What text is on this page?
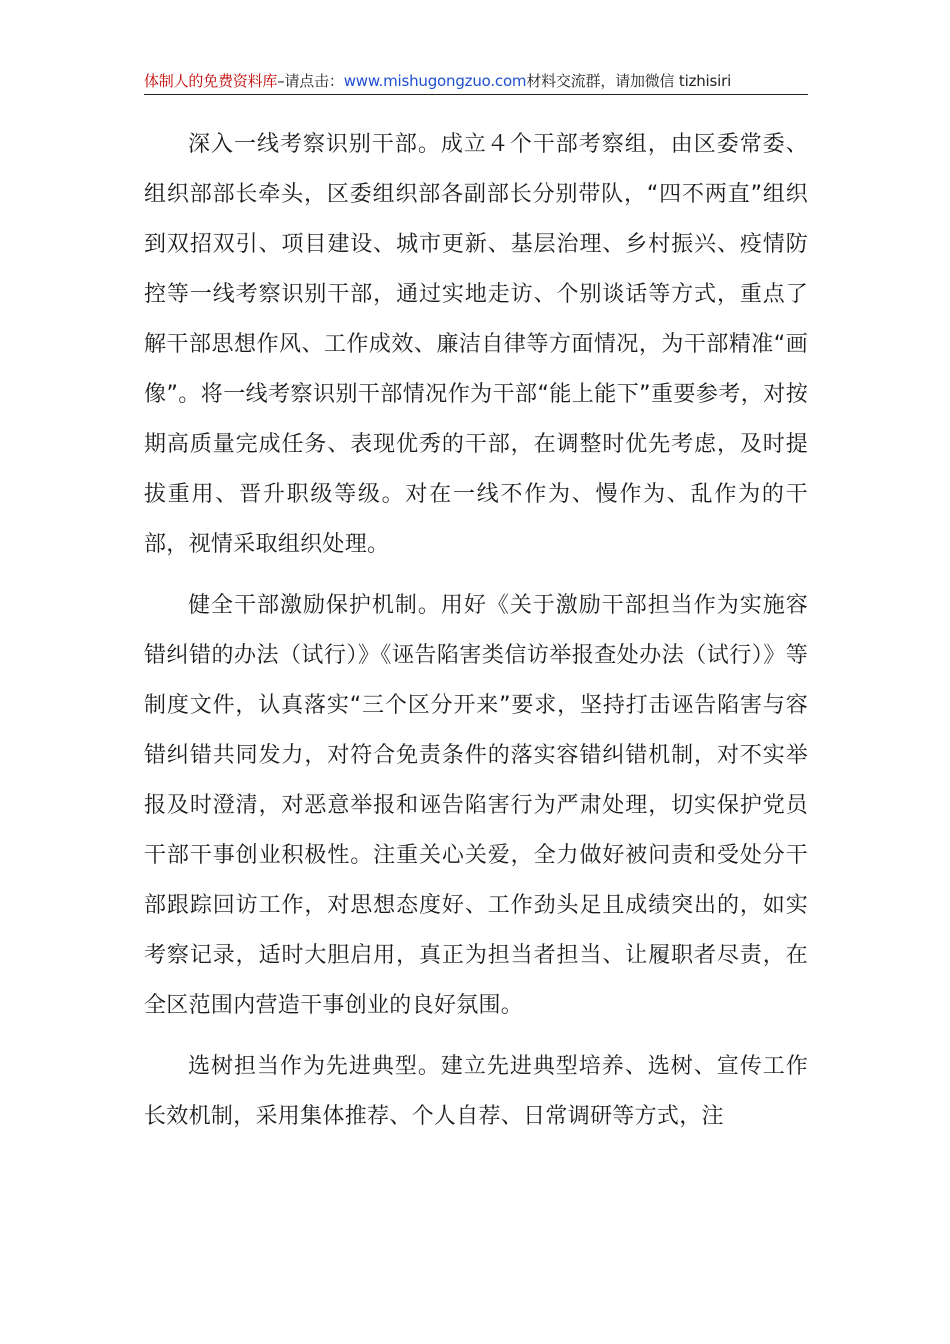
体制人的免费资料库–请点击：www.mishugongzuo.com材料交流群，请加微信 tizhisiri

深入一线考察识别干部。成立４个干部考察组，由区委常委、组织部部长牵头，区委组织部各副部长分别带队，“四不两直”组织到双招双引、项目建设、城市更新、基层治理、乡村振兴、疫情防控等一线考察识别干部，通过实地走访、个别谈话等方式，重点了解干部思想作风、工作成效、廉洁自律等方面情况，为干部精准“画像”。将一线考察识别干部情况作为干部“能上能下”重要参考，对按期高质量完成任务、表现优秀的干部，在调整时优先考虑，及时提拔重用、晋升职级等级。对在一线不作为、慢作为、乱作为的干部，视情采取组织处理。

健全干部激励保护机制。用好《关于激励干部担当作为实施容错纠错的办法（试行）》《诬告陷害类信访举报查处办法（试行）》等制度文件，认真落实“三个区分开来”要求，坚持打击诬告陷害与容错纠错共同发力，对符合免责条件的落实容错纠错机制，对不实举报及时澄清，对恶意举报和诬告陷害行为严肃处理，切实保护党员干部干事创业积极性。注重关心关爱，全力做好被问责和受处分干部跟踪回访工作，对思想态度好、工作劲头足且成绩突出的，如实考察记录，适时大胆启用，真正为担当者担当、让履职者尽责，在全区范围内营造干事创业的良好氛围。

选树担当作为先进典型。建立先进典型培养、选树、宣传工作长效机制，采用集体推荐、个人自荐、日常调研等方式，注
